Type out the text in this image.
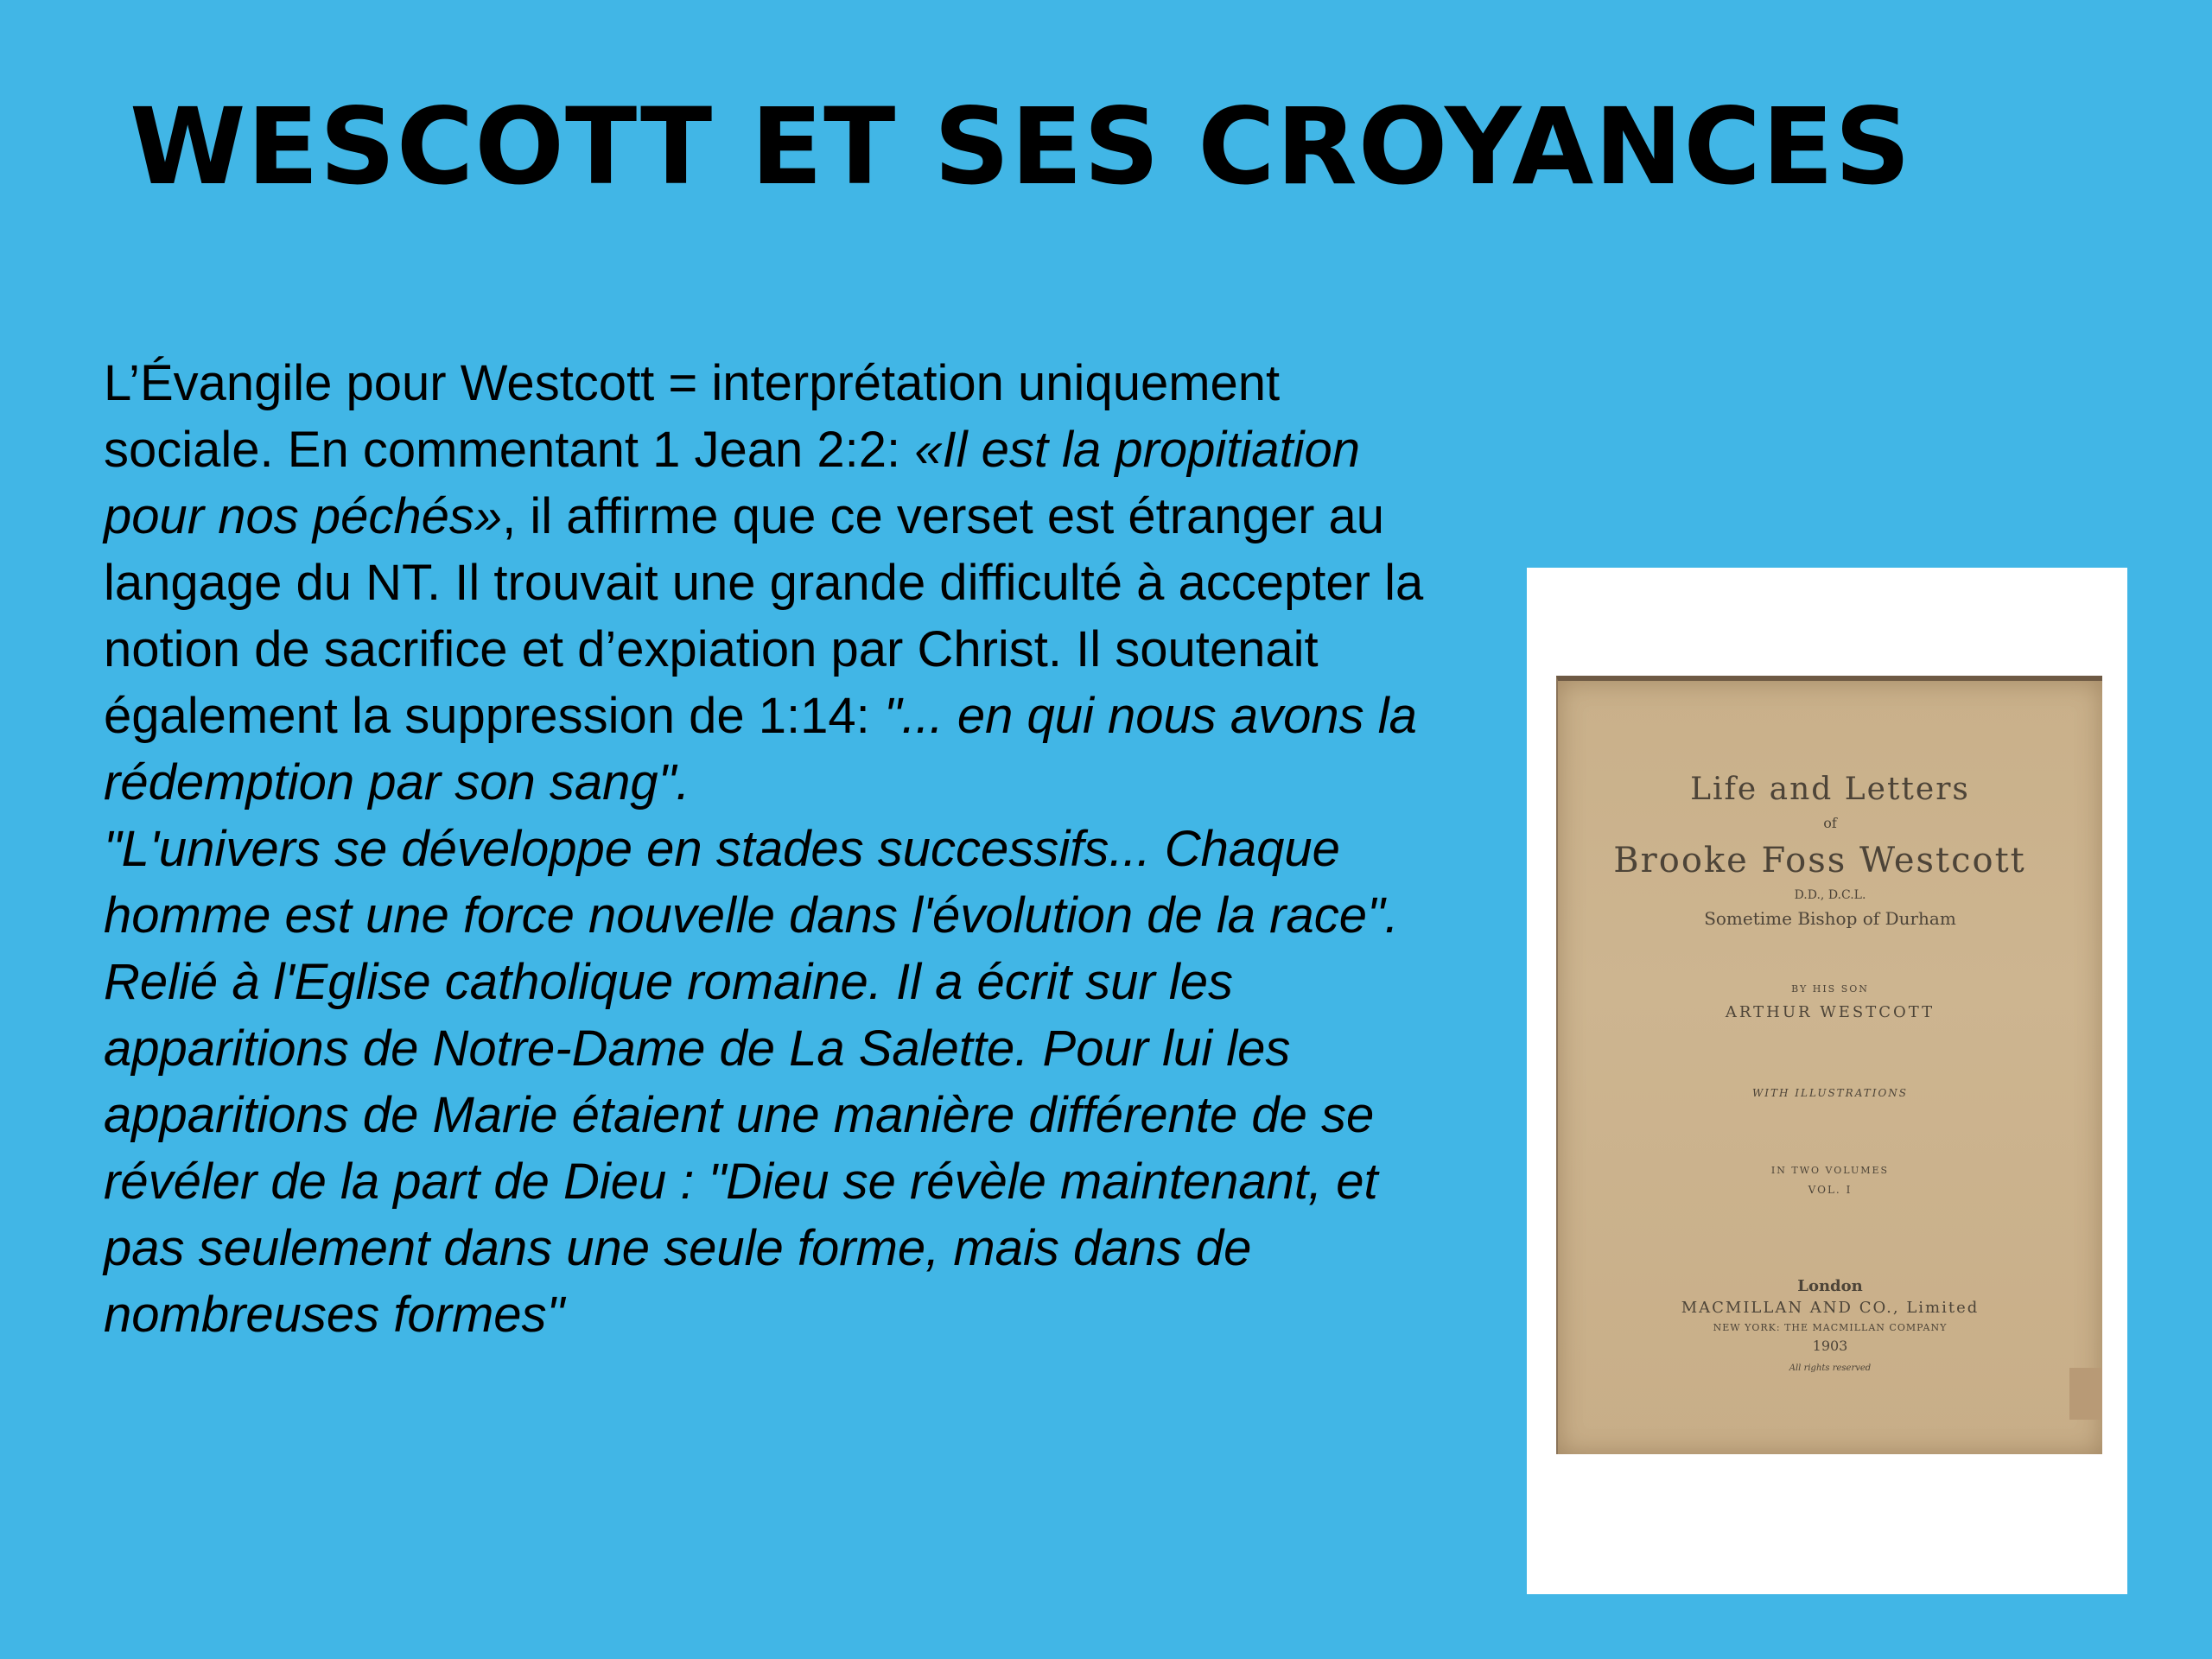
WESCOTT ET SES CROYANCES

L’Évangile pour Westcott = interprétation uniquement sociale. En commentant 1 Jean 2:2: «Il est la propitiation pour nos péchés», il affirme que ce verset est étranger au langage du NT. Il trouvait une grande difficulté à accepter la notion de sacrifice et d’expiation par Christ. Il soutenait également la suppression de 1:14: "... en qui nous avons la rédemption par son sang".

"L'univers se développe en stades successifs... Chaque homme est une force nouvelle dans l'évolution de la race".

Relié à l'Eglise catholique romaine. Il a écrit sur les apparitions de Notre-Dame de La Salette. Pour lui les apparitions de Marie étaient une manière différente de se révéler de la part de Dieu : "Dieu se révèle maintenant, et pas seulement dans une seule forme, mais dans de nombreuses formes"

Life and Letters
of
Brooke Foss Westcott
D.D., D.C.L.
Sometime Bishop of Durham
BY HIS SON
ARTHUR WESTCOTT
WITH ILLUSTRATIONS
IN TWO VOLUMES
VOL. I
London
MACMILLAN AND CO., Limited
NEW YORK: THE MACMILLAN COMPANY
1903
All rights reserved
